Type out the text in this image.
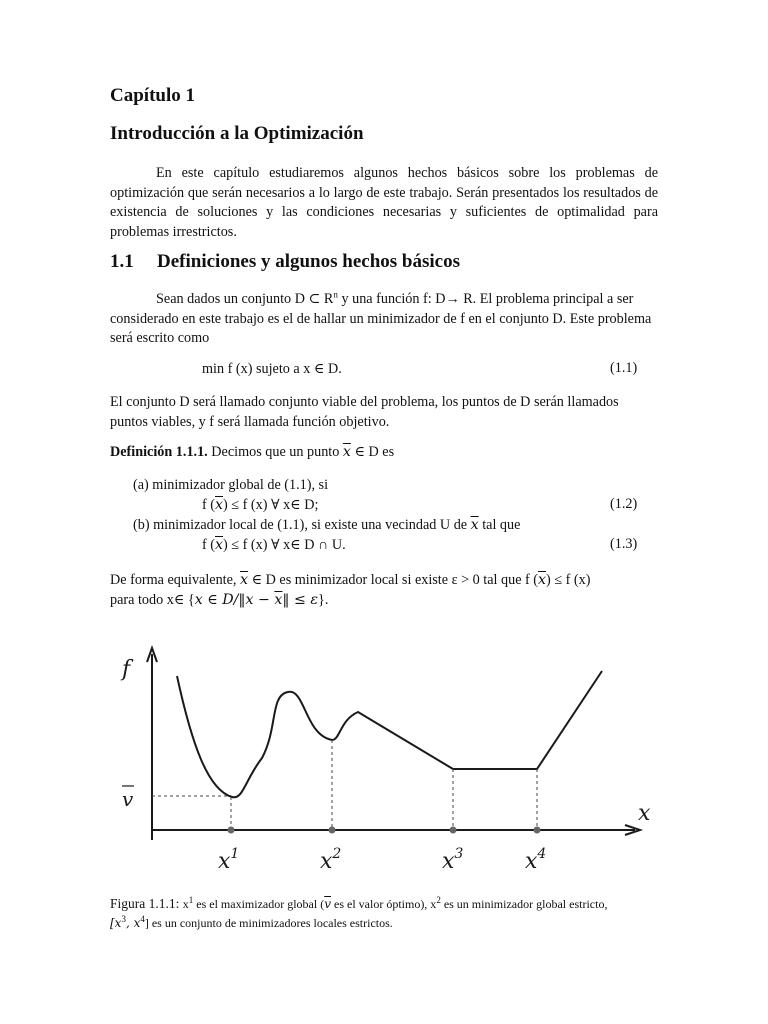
Capítulo 1
Introducción a la Optimización

En este capítulo estudiaremos algunos hechos básicos sobre los problemas de optimización que serán necesarios a lo largo de este trabajo. Serán presentados los resultados de existencia de soluciones y las condiciones necesarias y suficientes de optimalidad para problemas irrestrictos.

1.1 Definiciones y algunos hechos básicos

Sean dados un conjunto D ⊂ $R^n$ y una función f: D→ R. El problema principal a ser considerado en este trabajo es el de hallar un minimizador de f en el conjunto D. Este problema será escrito como

min f (x) sujeto a x ∈ D.	(1.1)

El conjunto D será llamado conjunto viable del problema, los puntos de D serán llamados puntos viables, y f será llamada función objetivo.

Definición 1.1.1. Decimos que un punto $\overline{x}$ ∈ D es
(a) minimizador global de (1.1), si
f $(\overline{x}) \le f$ (x) ∀ x∈ D;	(1.2)
(b) minimizador local de (1.1), si existe una vecindad U de $\overline{x}$ tal que
f $(\overline{x}) \le f$ (x) ∀ x∈ D ∩ U.	(1.3)
De forma equivalente, $\overline{x}$ ∈ D es minimizador local si existe ε > 0 tal que f $(\overline{x}) \le f$ (x)
para todo x∈ {x ∈ D/‖x − $\overline{x}‖ \le \varepsilon$}.
f
x
v
$x^1$	$x^2$	$x^3$	$x^4$
Figura 1.1.1: $x^1$ es el maximizador global ($\overline{v}$ es el valor óptimo), $x^2$ es un minimizador global estricto,
[$x^3$, $x^4$] es un conjunto de minimizadores locales estrictos.
